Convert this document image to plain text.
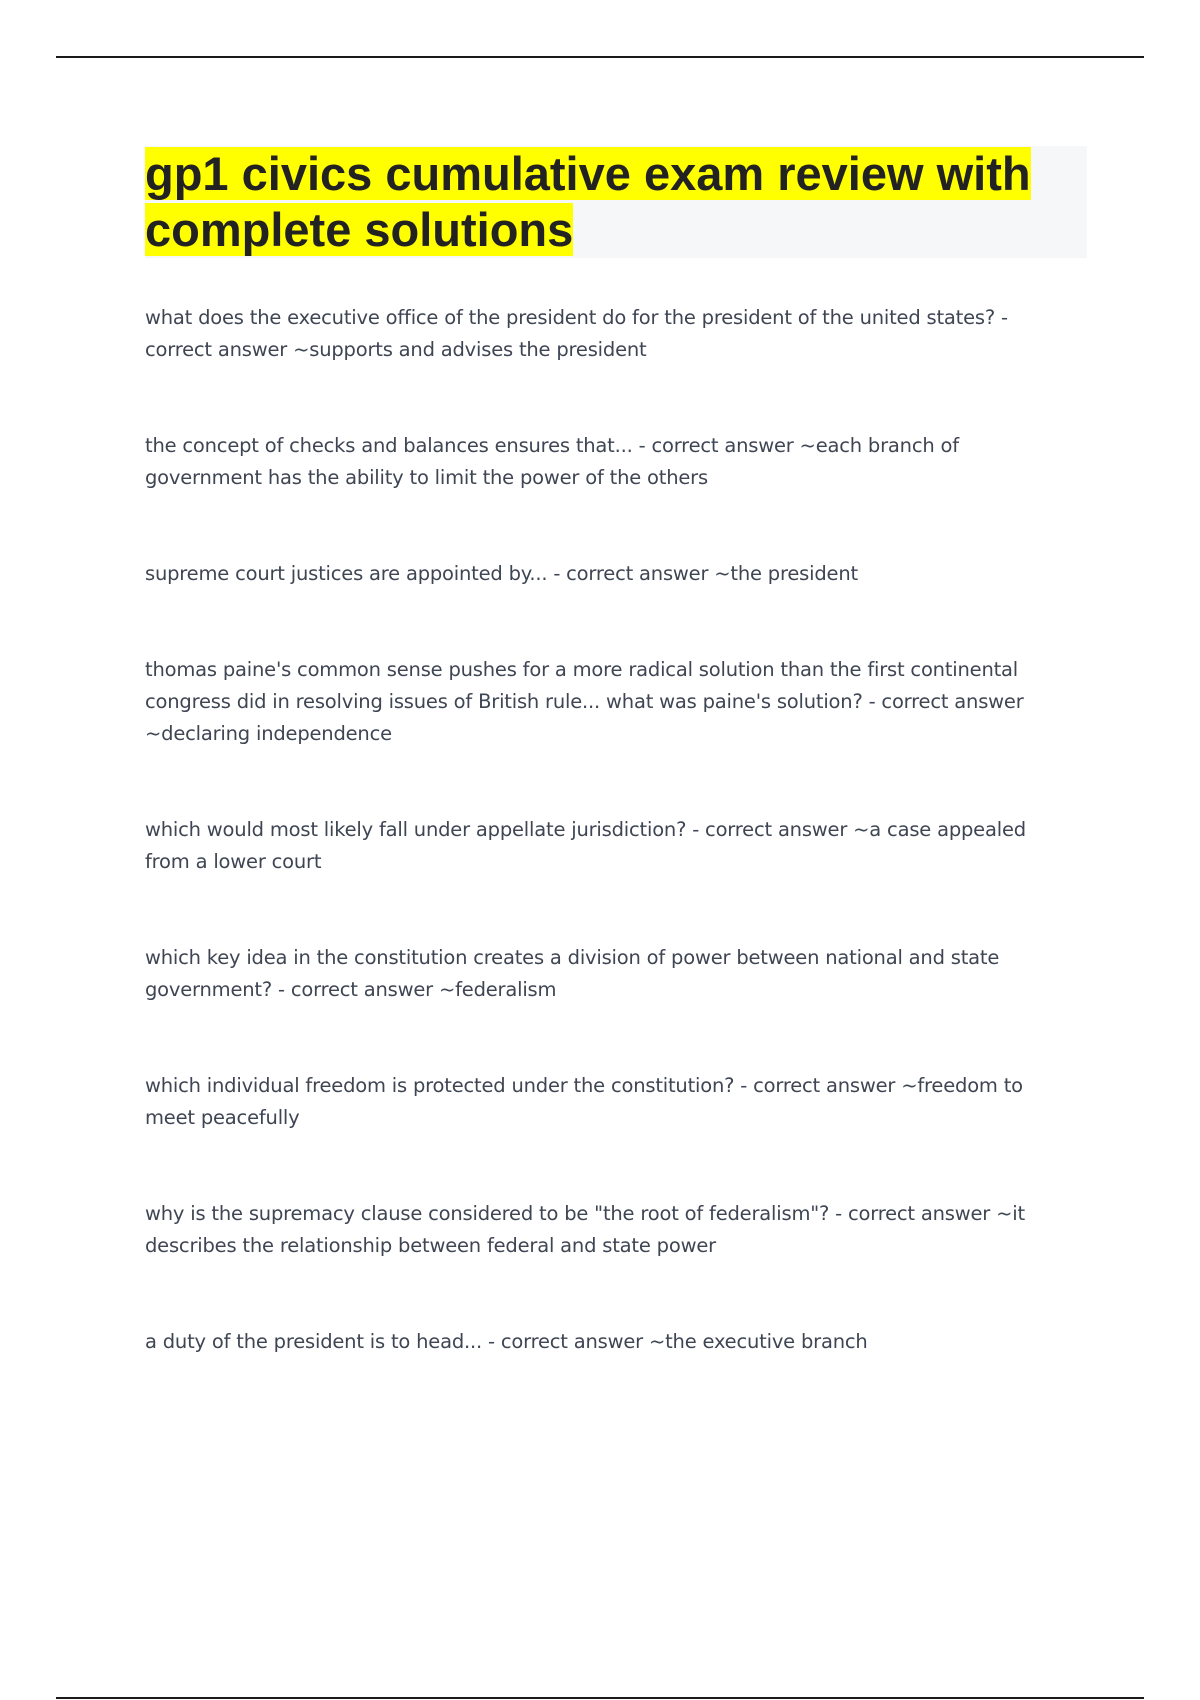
gp1 civics cumulative exam review with complete solutions

what does the executive office of the president do for the president of the united states? - correct answer ~supports and advises the president

the concept of checks and balances ensures that... - correct answer ~each branch of government has the ability to limit the power of the others

supreme court justices are appointed by... - correct answer ~the president

thomas paine's common sense pushes for a more radical solution than the first continental congress did in resolving issues of British rule... what was paine's solution? - correct answer ~declaring independence

which would most likely fall under appellate jurisdiction? - correct answer ~a case appealed from a lower court

which key idea in the constitution creates a division of power between national and state government? - correct answer ~federalism

which individual freedom is protected under the constitution? - correct answer ~freedom to meet peacefully

why is the supremacy clause considered to be "the root of federalism"? - correct answer ~it describes the relationship between federal and state power

a duty of the president is to head... - correct answer ~the executive branch
